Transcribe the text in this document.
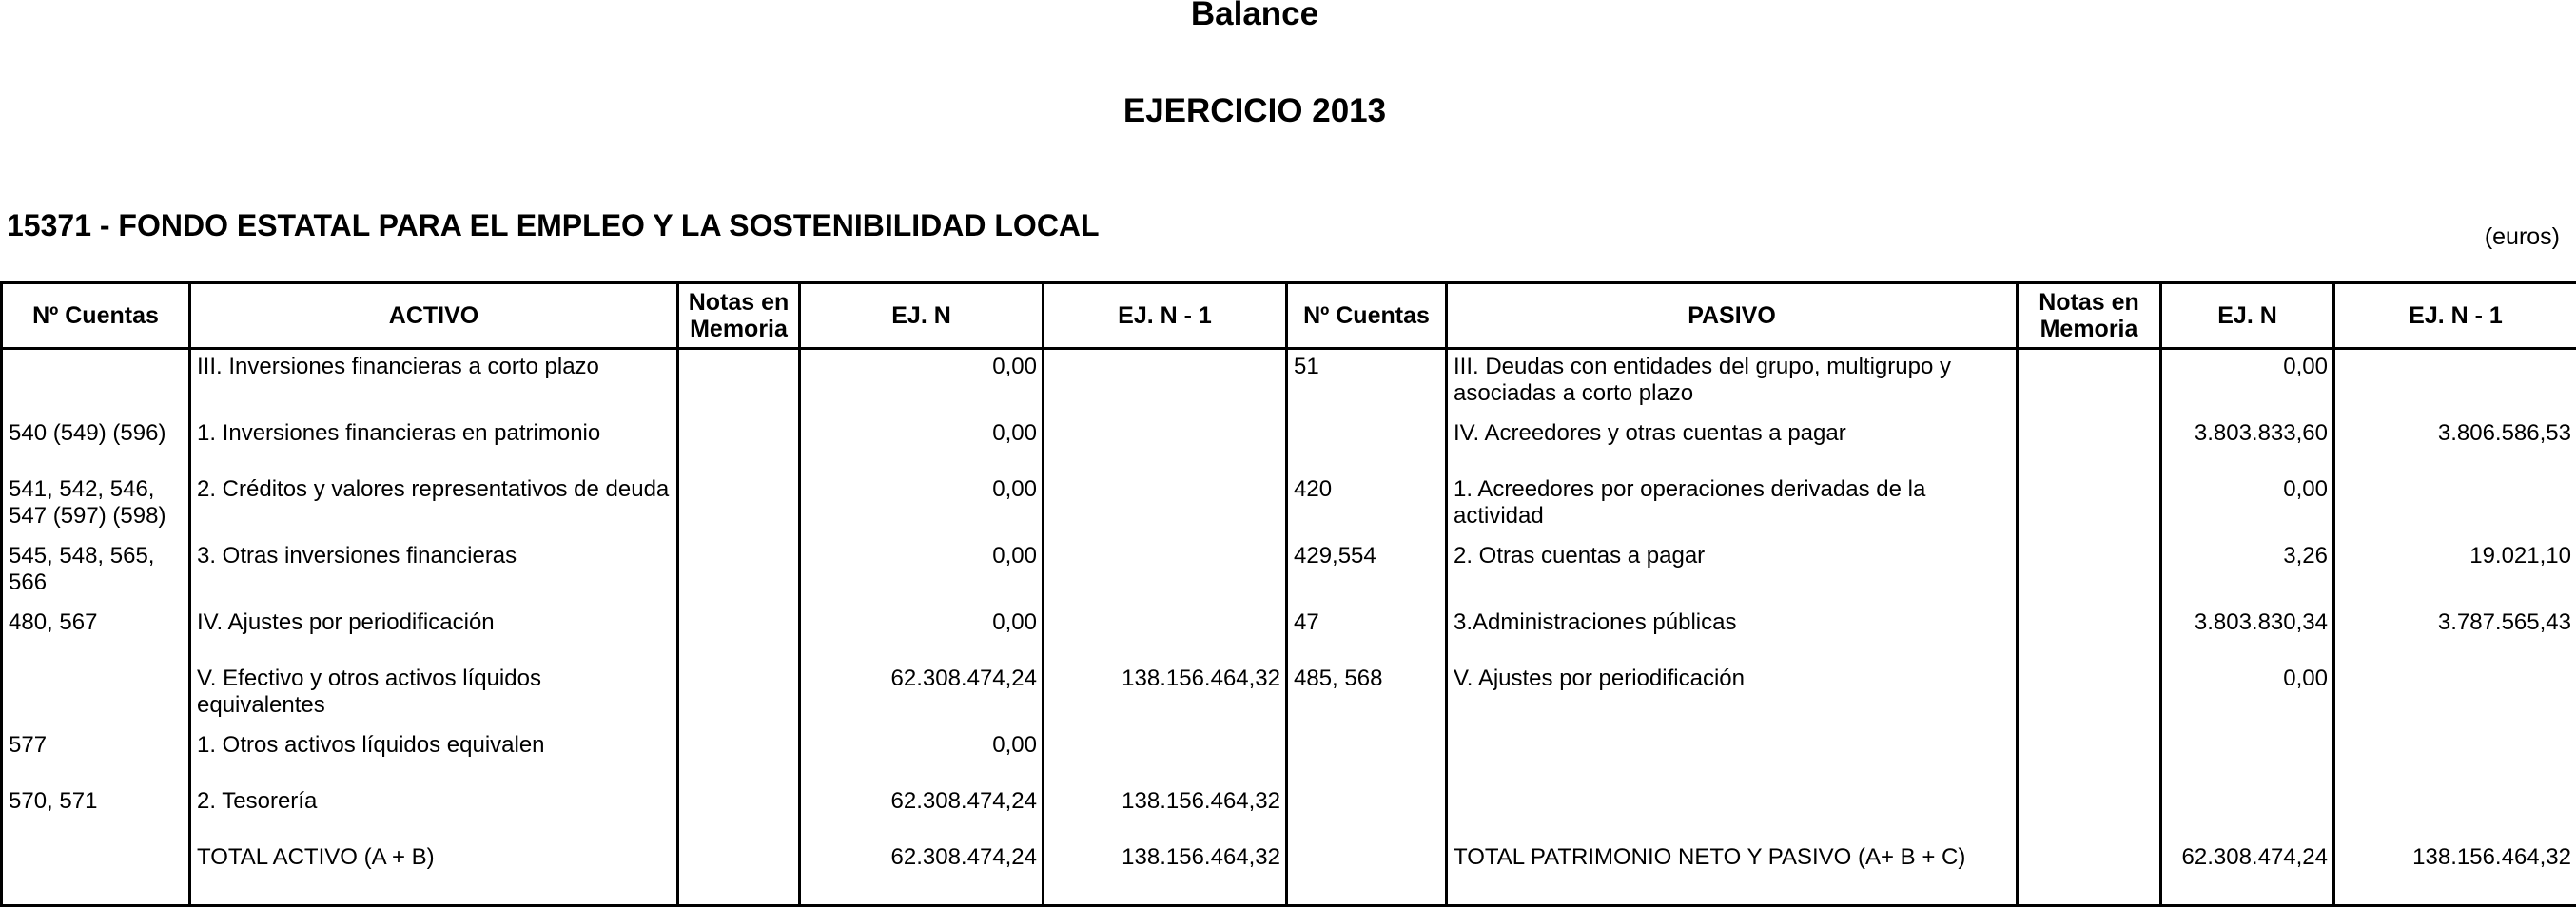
Balance
EJERCICIO 2013
15371 - FONDO ESTATAL PARA EL EMPLEO Y LA SOSTENIBILIDAD LOCAL	(euros)
Nº Cuentas	ACTIVO	Notas en Memoria	EJ. N	EJ. N - 1	Nº Cuentas	PASIVO	Notas en Memoria	EJ. N	EJ. N - 1
	III. Inversiones financieras a corto plazo		0,00		51	III. Deudas con entidades del grupo, multigrupo y asociadas a corto plazo		0,00	
540 (549) (596)	1. Inversiones financieras en patrimonio		0,00			IV. Acreedores y otras cuentas a pagar		3.803.833,60	3.806.586,53
541, 542, 546, 547 (597) (598)	2. Créditos y valores representativos de deuda		0,00		420	1. Acreedores por operaciones derivadas de la actividad		0,00	
545, 548, 565, 566	3. Otras inversiones financieras		0,00		429,554	2. Otras cuentas a pagar		3,26	19.021,10
480, 567	IV. Ajustes por periodificación		0,00		47	3.Administraciones públicas		3.803.830,34	3.787.565,43
	V. Efectivo y otros activos líquidos equivalentes		62.308.474,24	138.156.464,32	485, 568	V. Ajustes por periodificación		0,00	
577	1. Otros activos líquidos equivalen		0,00						
570, 571	2. Tesorería		62.308.474,24	138.156.464,32					
	TOTAL ACTIVO (A + B)		62.308.474,24	138.156.464,32		TOTAL PATRIMONIO NETO Y PASIVO (A+ B + C)		62.308.474,24	138.156.464,32
